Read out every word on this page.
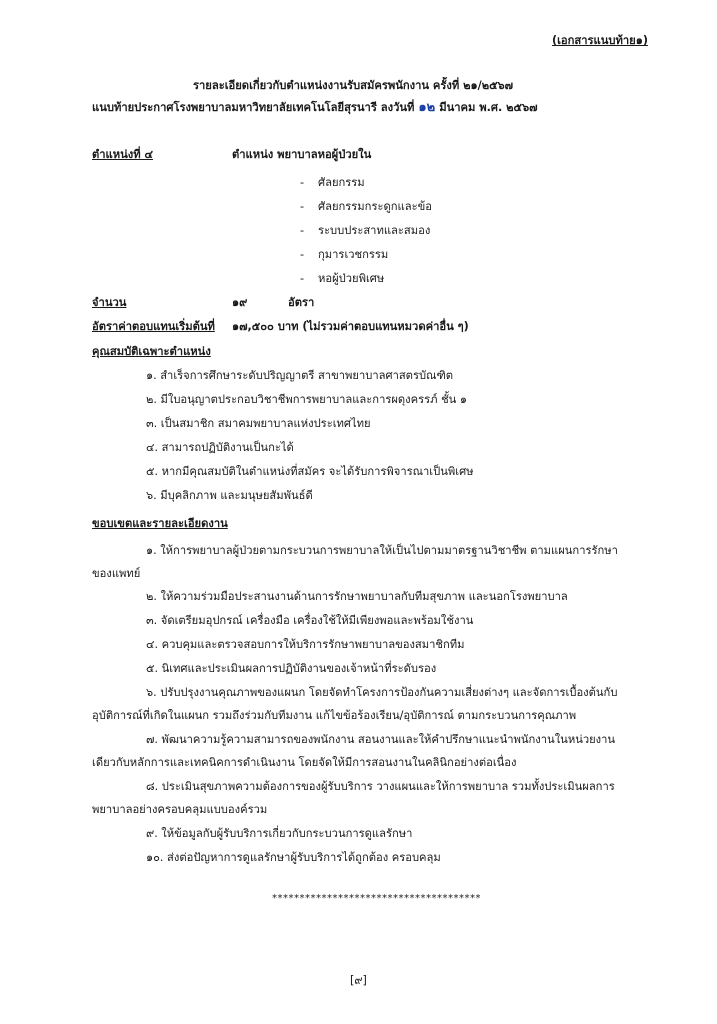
(เอกสารแนบท้าย๑)
รายละเอียดเกี่ยวกับตำแหน่งงานรับสมัครพนักงาน ครั้งที่ ๒๑/๒๕๖๗
แนบท้ายประกาศโรงพยาบาลมหาวิทยาลัยเทคโนโลยีสุรนารี ลงวันที่ ๑๒ มีนาคม พ.ศ. ๒๕๖๗
ตำแหน่งที่ ๔	ตำแหน่ง พยาบาลหอผู้ป่วยใน
- ศัลยกรรม
- ศัลยกรรมกระดูกและข้อ
- ระบบประสาทและสมอง
- กุมารเวชกรรม
- หอผู้ป่วยพิเศษ
จำนวน	๑๙	อัตรา
อัตราค่าตอบแทนเริ่มต้นที่ ๑๗,๕๐๐ บาท (ไม่รวมค่าตอบแทนหมวดค่าอื่น ๆ)
คุณสมบัติเฉพาะตำแหน่ง
๑. สำเร็จการศึกษาระดับปริญญาตรี สาขาพยาบาลศาสตรบัณฑิต
๒. มีใบอนุญาตประกอบวิชาชีพการพยาบาลและการผดุงครรภ์ ชั้น ๑
๓. เป็นสมาชิก สมาคมพยาบาลแห่งประเทศไทย
๔. สามารถปฏิบัติงานเป็นกะได้
๕. หากมีคุณสมบัติในตำแหน่งที่สมัคร จะได้รับการพิจารณาเป็นพิเศษ
๖. มีบุคลิกภาพ และมนุษยสัมพันธ์ดี
ขอบเขตและรายละเอียดงาน
๑. ให้การพยาบาลผู้ป่วยตามกระบวนการพยาบาลให้เป็นไปตามมาตรฐานวิชาชีพ ตามแผนการรักษา
ของแพทย์
๒. ให้ความร่วมมือประสานงานด้านการรักษาพยาบาลกับทีมสุขภาพ และนอกโรงพยาบาล
๓. จัดเตรียมอุปกรณ์ เครื่องมือ เครื่องใช้ให้มีเพียงพอและพร้อมใช้งาน
๔. ควบคุมและตรวจสอบการให้บริการรักษาพยาบาลของสมาชิกทีม
๕. นิเทศและประเมินผลการปฏิบัติงานของเจ้าหน้าที่ระดับรอง
๖. ปรับปรุงงานคุณภาพของแผนก โดยจัดทำโครงการป้องกันความเสี่ยงต่างๆ และจัดการเบื้องต้นกับ
อุบัติการณ์ที่เกิดในแผนก รวมถึงร่วมกับทีมงาน แก้ไขข้อร้องเรียน/อุบัติการณ์ ตามกระบวนการคุณภาพ
๗. พัฒนาความรู้ความสามารถของพนักงาน สอนงานและให้คำปรึกษาแนะนำพนักงานในหน่วยงาน
เดียวกับหลักการและเทคนิคการดำเนินงาน โดยจัดให้มีการสอนงานในคลินิกอย่างต่อเนื่อง
๘. ประเมินสุขภาพความต้องการของผู้รับบริการ วางแผนและให้การพยาบาล รวมทั้งประเมินผลการ
พยาบาลอย่างครอบคลุมแบบองค์รวม
๙. ให้ข้อมูลกับผู้รับบริการเกี่ยวกับกระบวนการดูแลรักษา
๑๐. ส่งต่อปัญหาการดูแลรักษาผู้รับบริการได้ถูกต้อง ครอบคลุม
**************************************
[๙]
